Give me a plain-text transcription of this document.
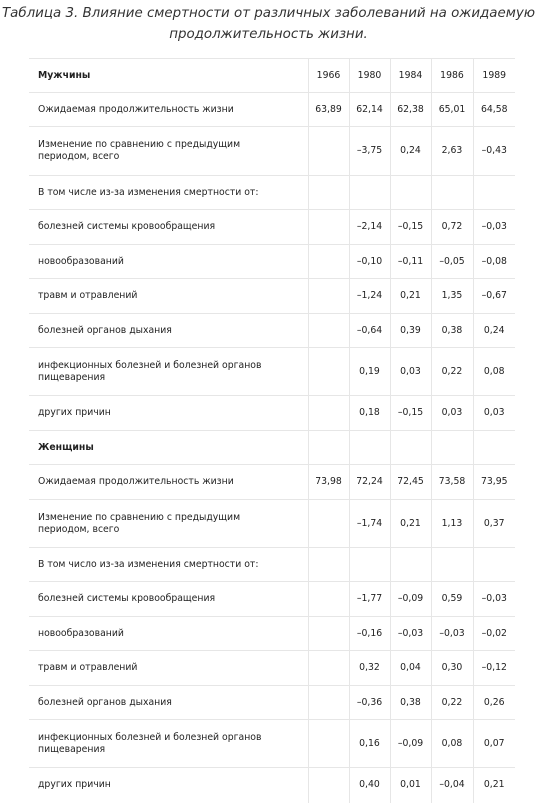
Таблица 3. Влияние смертности от различных заболеваний на ожидаемую
продолжительность жизни.
Мужчины	1966	1980	1984	1986	1989
Ожидаемая продолжительность жизни	63,89	62,14	62,38	65,01	64,58
Изменение по сравнению с предыдущим периодом, всего		–3,75	0,24	2,63	–0,43
В том числе из-за изменения смертности от:					
болезней системы кровообращения		–2,14	–0,15	0,72	–0,03
новообразований		–0,10	–0,11	–0,05	–0,08
травм и отравлений		–1,24	0,21	1,35	–0,67
болезней органов дыхания		–0,64	0,39	0,38	0,24
инфекционных болезней и болезней органов пищеварения		0,19	0,03	0,22	0,08
других причин		0,18	–0,15	0,03	0,03
Женщины					
Ожидаемая продолжительность жизни	73,98	72,24	72,45	73,58	73,95
Изменение по сравнению с предыдущим периодом, всего		–1,74	0,21	1,13	0,37
В том число из-за изменения смертности от:					
болезней системы кровообращения		–1,77	–0,09	0,59	–0,03
новообразований		–0,16	–0,03	–0,03	–0,02
травм и отравлений		0,32	0,04	0,30	–0,12
болезней органов дыхания		–0,36	0,38	0,22	0,26
инфекционных болезней и болезней органов пищеварения		0,16	–0,09	0,08	0,07
других причин		0,40	0,01	–0,04	0,21
